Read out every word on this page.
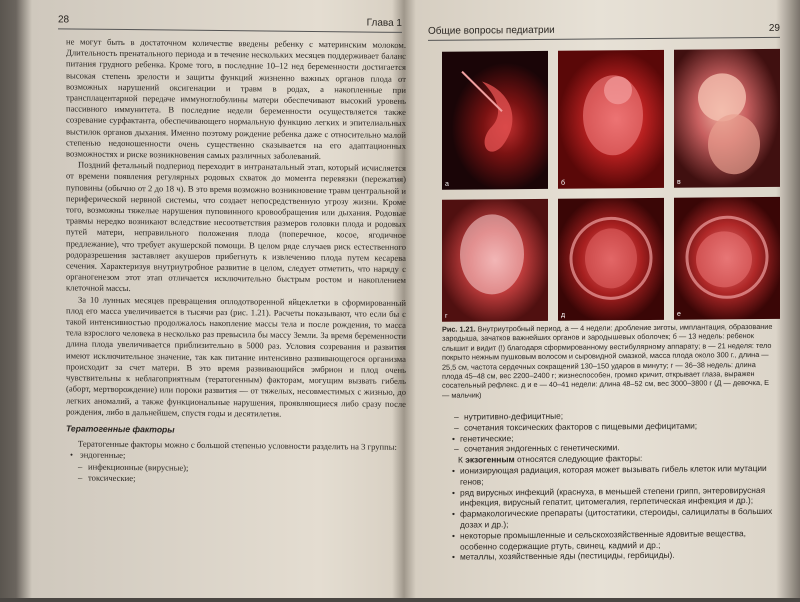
28	Глава 1

не могут быть в достаточном количестве введены ребенку с материнским молоком. Длительность пренатального периода и в течение нескольких месяцев поддерживает баланс питания грудного ребенка. Кроме того, в последние 10–12 нед беременности достигается высокая степень зрелости и защиты функций жизненно важных органов плода от возможных нарушений оксигенации и травм в родах, а накопленные при трансплацентарной передаче иммуноглобулины матери обеспечивают высокий уровень пассивного иммунитета. В последние недели беременности осуществляется также созревание сурфактанта, обеспечивающего нормальную функцию легких и эпителиальных выстилок органов дыхания. Именно поэтому рождение ребенка даже с относительно малой степенью недоношенности очень существенно сказывается на его адаптационных возможностях и риске возникновения самых различных заболеваний.

Поздний фетальный подпериод переходит в интранатальный этап, который исчисляется от времени появления регулярных родовых схваток до момента перевязки (пережатия) пуповины (обычно от 2 до 18 ч). В это время возможно возникновение травм центральной и периферической нервной системы, что создает непосредственную угрозу жизни. Кроме того, возможны тяжелые нарушения пуповинного кровообращения или дыхания. Родовые травмы нередко возникают вследствие несоответствия размеров головки плода и родовых путей матери, неправильного положения плода (поперечное, косое, ягодичное предлежание), что требует акушерской помощи. В целом ряде случаев риск естественного родоразрешения заставляет акушеров прибегнуть к извлечению плода путем кесарева сечения. Характеризуя внутриутробное развитие в целом, следует отметить, что наряду с органогенезом этот этап отличается исключительно быстрым ростом и накоплением клеточной массы.

За 10 лунных месяцев превращения оплодотворенной яйцеклетки в сформированный плод его масса увеличивается в тысячи раз (рис. 1.21). Расчеты показывают, что если бы с такой интенсивностью продолжалось накопление массы тела и после рождения, то масса тела взрослого человека в несколько раз превысила бы массу Земли. За время беременности длина плода увеличивается приблизительно в 5000 раз. Условия созревания и развития имеют исключительное значение, так как питание интенсивно развивающегося организма происходит за счет матери. В это время развивающийся эмбрион и плод очень чувствительны к неблагоприятным (тератогенным) факторам, могущим вызвать гибель (аборт, мертворождение) или пороки развития — от тяжелых, несовместимых с жизнью, до легких аномалий, а также функциональные нарушения, проявляющиеся либо сразу после рождения, либо в дальнейшем, спустя годы и десятилетия.

Тератогенные факторы

Тератогенные факторы можно с большой степенью условности разделить на 3 группы:

• эндогенные;
– инфекционные (вирусные);
– токсические;
Общие вопросы педиатрии	29
а	б	в
г	д	е
Рис. 1.21. Внутриутробный период. а — 4 недели: дробление зиготы, имплантация, образование зародыша, зачатков важнейших органов и зародышевых оболочек; б — 13 недель: ребенок слышит и видит (!) благодаря сформированному вестибулярному аппарату; в — 21 неделя: тело покрыто нежным пушковым волосом и сыровидной смазкой, масса плода около 300 г., длина — 25,5 см, частота сердечных сокращений 130–150 ударов в минуту; г — 36–38 недель: длина плода 45–48 см, вес 2200–2400 г; жизнеспособен, громко кричит, открывает глаза, выражен сосательный рефлекс. д и е — 40–41 недели: длина 48–52 см, вес 3000–3800 г (Д — девочка, Е — мальчик)
– нутритивно-дефицитные;
– сочетания токсических факторов с пищевыми дефицитами;
• генетические;
– сочетания эндогенных с генетическими.

К экзогенным относятся следующие факторы:

• ионизирующая радиация, которая может вызывать гибель клеток или мутации генов;
• ряд вирусных инфекций (краснуха, в меньшей степени грипп, энтеровирусная инфекция, вирусный гепатит, цитомегалия, герпетическая инфекция и др.);
• фармакологические препараты (цитостатики, стероиды, салицилаты в больших дозах и др.);
• некоторые промышленные и сельскохозяйственные ядовитые вещества, особенно содержащие ртуть, свинец, кадмий и др.;
• металлы, хозяйственные яды (пестициды, гербициды).
